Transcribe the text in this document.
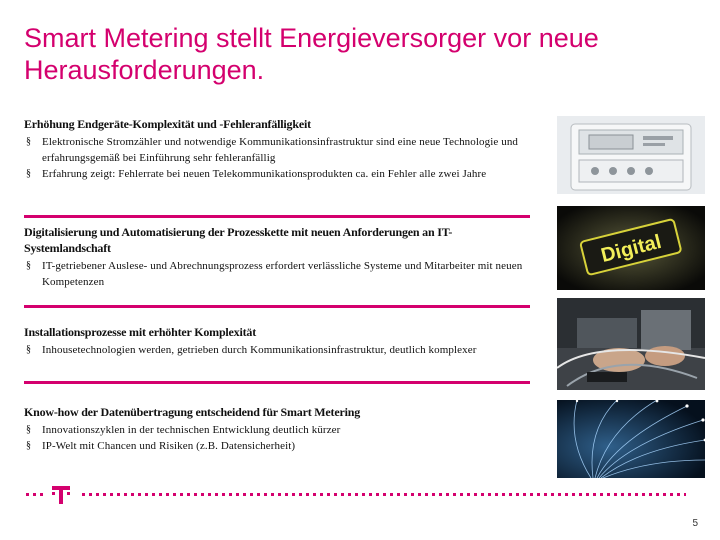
Smart Metering stellt Energieversorger vor neue Herausforderungen.

Erhöhung Endgeräte-Komplexität und -Fehleranfälligkeit

§ Elektronische Stromzähler und notwendige Kommunikationsinfrastruktur sind eine neue Technologie und erfahrungsgemäß bei Einführung sehr fehleranfällig
§ Erfahrung zeigt: Fehlerrate bei neuen Telekommunikationsprodukten ca. ein Fehler alle zwei Jahre

Digitalisierung und Automatisierung der Prozesskette mit neuen Anforderungen an IT-Systemlandschaft

§ IT-getriebener Auslese- und Abrechnungsprozess erfordert verlässliche Systeme und Mitarbeiter mit neuen Kompetenzen

Installationsprozesse mit erhöhter Komplexität

§ Inhousetechnologien werden, getrieben durch Kommunikationsinfrastruktur, deutlich komplexer

Know-how der Datenübertragung entscheidend für Smart Metering

§ Innovationszyklen in der technischen Entwicklung deutlich kürzer
§ IP-Welt mit Chancen und Risiken (z.B. Datensicherheit)
Digital
5
